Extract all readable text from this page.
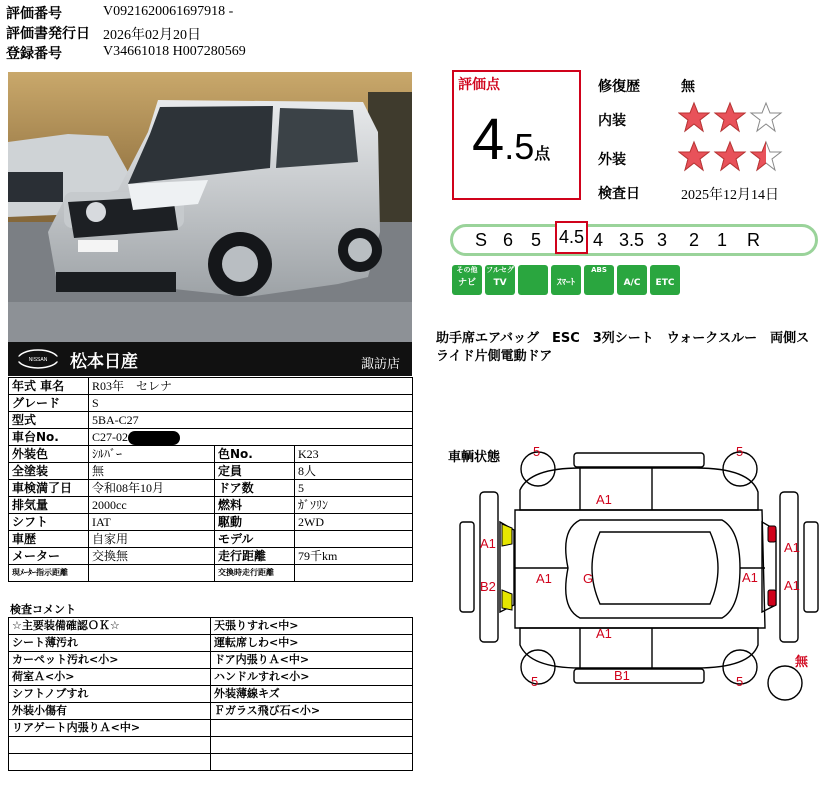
評価番号	V0921620061697918 -
評価書発行日 2026年02月20日
登録番号	V34661018 H007280569
NISSAN 松本日産	諏訪店
年式 車名	R03年　セレナ		
グレード	S		
型式	5BA-C27		
車台No.	C27-02		
外装色	ｼﾙﾊﾞｰ	色No.	K23
全塗装	無	定員	8人
車検満了日	令和08年10月	ドア数	5
排気量	2000cc	燃料	ｶﾞｿﾘﾝ
シフト	IAT	駆動	2WD
車歴	自家用	モデル	
メーター	交換無	走行距離	79千km
現ﾒｰﾀｰ指示距離		交換時走行距離	
検査コメント
☆主要装備確認ＯＫ☆	天張りすれ<中>
シート薄汚れ	運転席しわ<中>
カーペット汚れ<小>	ドア内張りＡ<中>
荷室Ａ<小>	ハンドルすれ<小>
シフトノブすれ	外装薄線キズ
外装小傷有	Ｆガラス飛び石<小>
リアゲート内張りＡ<中>	

評価点
4.5点
修復歴	無
内装
外装
検査日	2025年12月14日
S 6 5 4.5 4 3.5 3 2 1 R
その他
ナビ
フルセグ
TV	ｽﾏｰﾄ
ABS
A/C	ETC
助手席エアバッグ　ESC　3列シート　ウォークスルー　両側スライド片側電動ドア
車輌状態	5	5
5	5
A1
A1
B2
A1 G	A1
A1
A1
A1
B1
無
